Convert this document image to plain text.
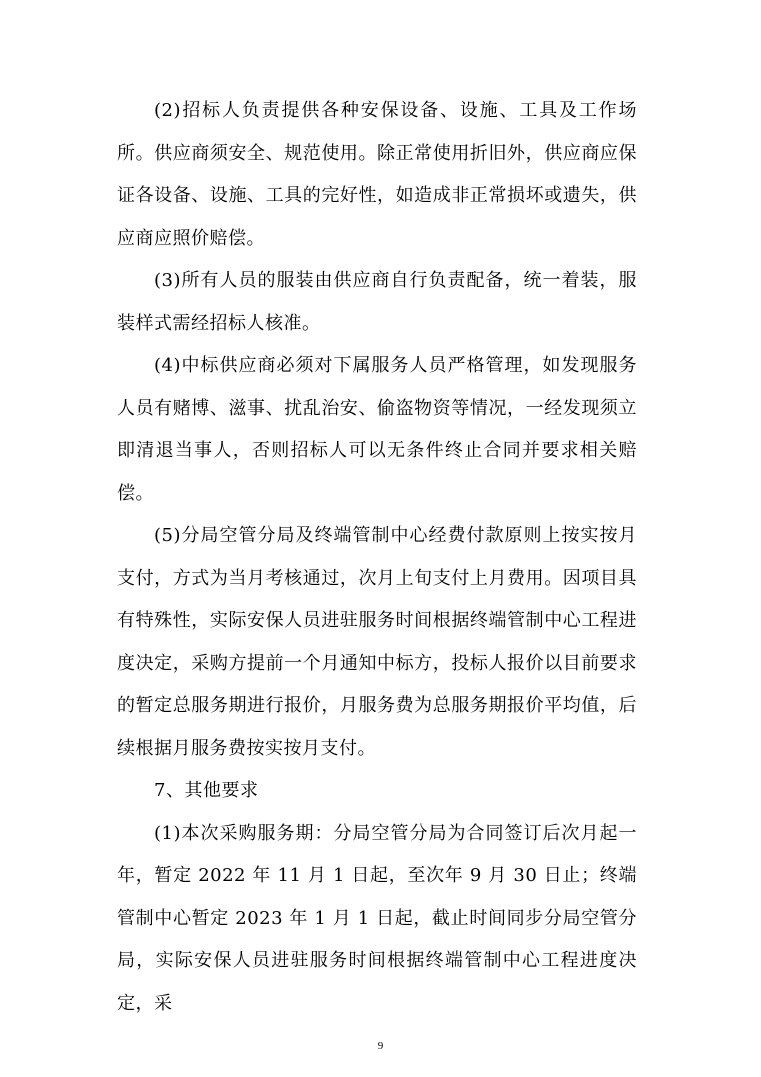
(2)招标人负责提供各种安保设备、设施、工具及工作场所。供应商须安全、规范使用。除正常使用折旧外，供应商应保证各设备、设施、工具的完好性，如造成非正常损坏或遗失，供应商应照价赔偿。

(3)所有人员的服装由供应商自行负责配备，统一着装，服装样式需经招标人核准。

(4)中标供应商必须对下属服务人员严格管理，如发现服务人员有赌博、滋事、扰乱治安、偷盗物资等情况，一经发现须立即清退当事人，否则招标人可以无条件终止合同并要求相关赔偿。

(5)分局空管分局及终端管制中心经费付款原则上按实按月支付，方式为当月考核通过，次月上旬支付上月费用。因项目具有特殊性，实际安保人员进驻服务时间根据终端管制中心工程进度决定，采购方提前一个月通知中标方，投标人报价以目前要求的暂定总服务期进行报价，月服务费为总服务期报价平均值，后续根据月服务费按实按月支付。

7、其他要求

(1)本次采购服务期：分局空管分局为合同签订后次月起一年，暂定 2022 年 11 月 1 日起，至次年 9 月 30 日止；终端管制中心暂定 2023 年 1 月 1 日起，截止时间同步分局空管分局，实际安保人员进驻服务时间根据终端管制中心工程进度决定，采

9
